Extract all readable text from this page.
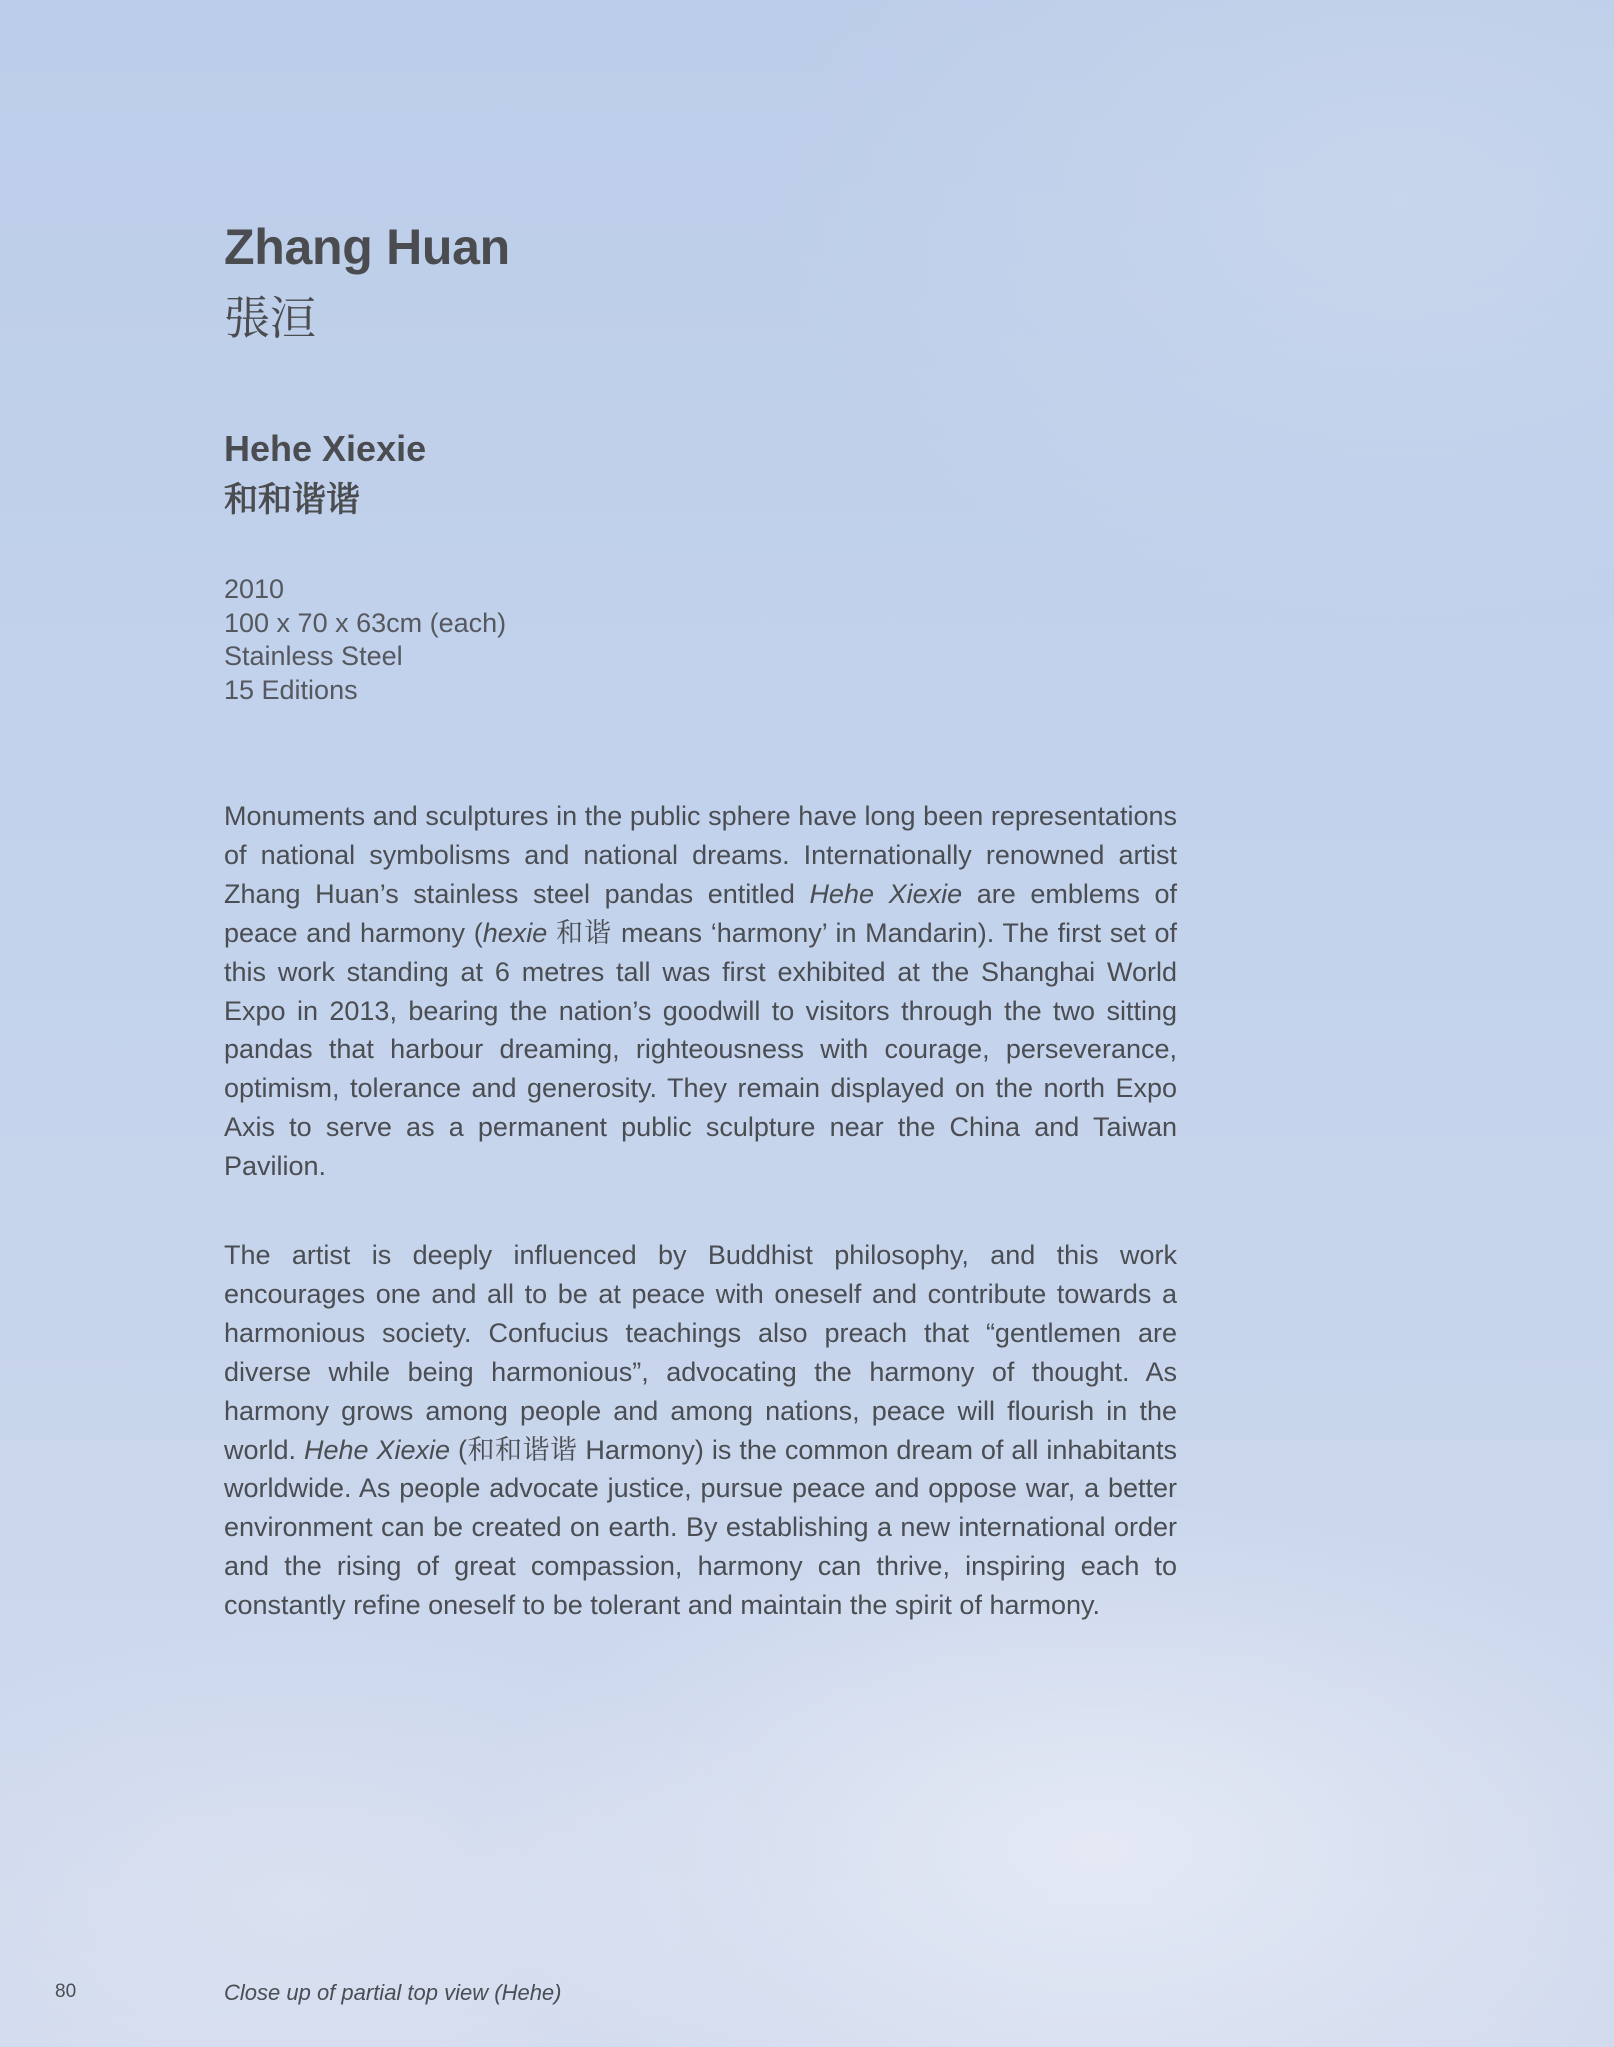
Zhang Huan
張洹
Hehe Xiexie
和和谐谐
2010
100 x 70 x 63cm (each)
Stainless Steel
15 Editions

Monuments and sculptures in the public sphere have long been representations of national symbolisms and national dreams. Internationally renowned artist Zhang Huan’s stainless steel pandas entitled Hehe Xiexie are emblems of peace and harmony (hexie 和谐 means ‘harmony’ in Mandarin). The first set of this work standing at 6 metres tall was first exhibited at the Shanghai World Expo in 2013, bearing the nation’s goodwill to visitors through the two sitting pandas that harbour dreaming, righteousness with courage, perseverance, optimism, tolerance and generosity. They remain displayed on the north Expo Axis to serve as a permanent public sculpture near the China and Taiwan Pavilion.

The artist is deeply influenced by Buddhist philosophy, and this work encourages one and all to be at peace with oneself and contribute towards a harmonious society. Confucius teachings also preach that “gentlemen are diverse while being harmonious”, advocating the harmony of thought. As harmony grows among people and among nations, peace will flourish in the world. Hehe Xiexie (和和谐谐 Harmony) is the common dream of all inhabitants worldwide. As people advocate justice, pursue peace and oppose war, a better environment can be created on earth. By establishing a new international order and the rising of great compassion, harmony can thrive, inspiring each to constantly refine oneself to be tolerant and maintain the spirit of harmony.

80	Close up of partial top view (Hehe)
